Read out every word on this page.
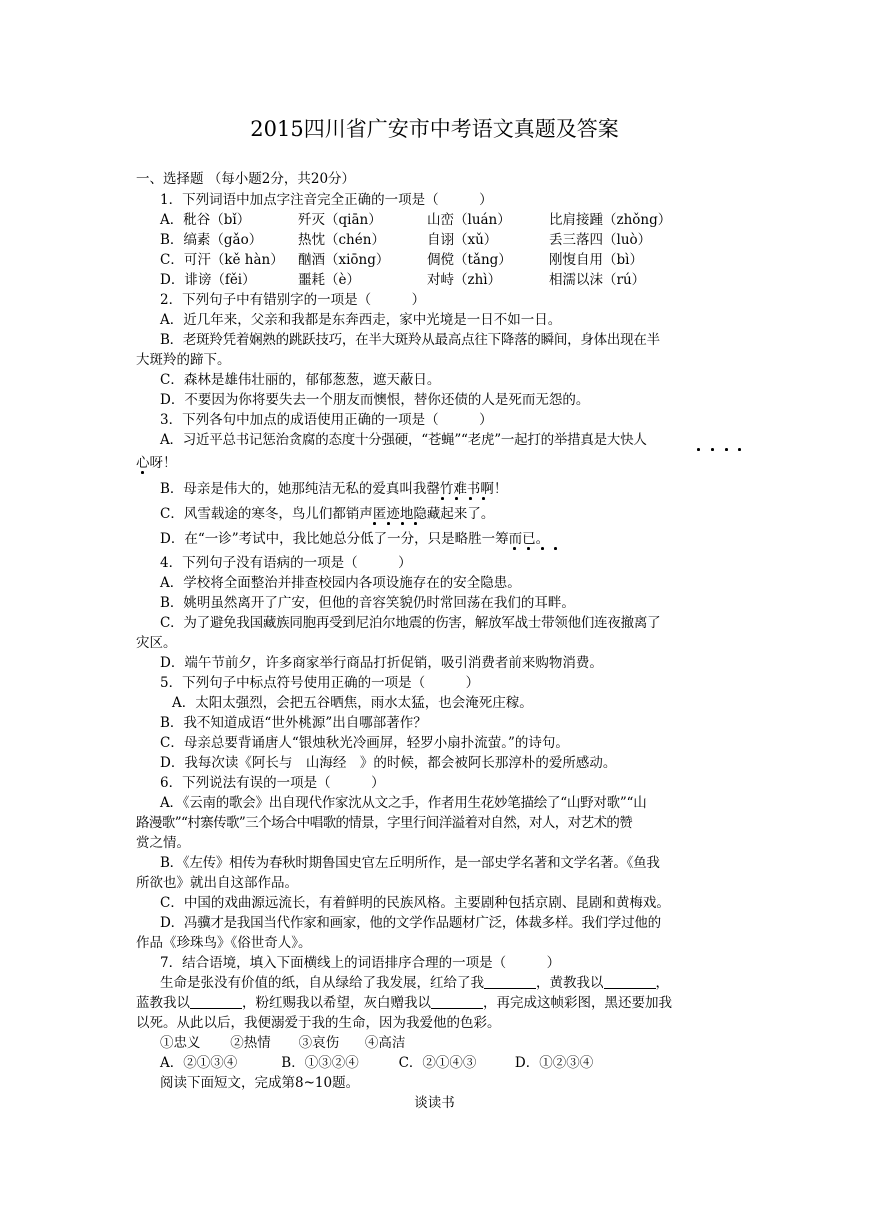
2015四川省广安市中考语文真题及答案
一、选择题 （每小题2分，共20分）
1．下列词语中加点字注音完全正确的一项是（　　　）
A．秕谷（bǐ）	歼灭（qiān）	山峦（luán）	比肩接踵（zhǒng）
B．缟素（gǎo）	热忱（chén）	自诩（xǔ）	丢三落四（luò）
C．可汗（kě hàn）	酗酒（xiōng）	倜傥（tǎng）	刚愎自用（bì）
D．诽谤（fěi）	噩耗（è）	对峙（zhì）	相濡以沫（rú）
2．下列句子中有错别字的一项是（　　　）
A．近几年来，父亲和我都是东奔西走，家中光境是一日不如一日。
B．老斑羚凭着娴熟的跳跃技巧，在半大斑羚从最高点往下降落的瞬间，身体出现在半
大斑羚的蹄下。
C．森林是雄伟壮丽的，郁郁葱葱，遮天蔽日。
D．不要因为你将要失去一个朋友而懊恨，替你还债的人是死而无怨的。
3．下列各句中加点的成语使用正确的一项是（　　　）
A．习近平总书记惩治贪腐的态度十分强硬，“苍蝇”“老虎”一起打的举措真是大快人
心呀！
B．母亲是伟大的，她那纯洁无私的爱真叫我罄竹难书啊！
C．风雪载途的寒冬，鸟儿们都销声匿迹地隐藏起来了。
D．在“一诊”考试中，我比她总分低了一分，只是略胜一筹而已。
4．下列句子没有语病的一项是（　　　）
A．学校将全面整治并排查校园内各项设施存在的安全隐患。
B．姚明虽然离开了广安，但他的音容笑貌仍时常回荡在我们的耳畔。
C．为了避免我国藏族同胞再受到尼泊尔地震的伤害，解放军战士带领他们连夜撤离了
灾区。
D．端午节前夕，许多商家举行商品打折促销，吸引消费者前来购物消费。
5．下列句子中标点符号使用正确的一项是（　　　）
A．太阳太强烈，会把五谷晒焦，雨水太猛，也会淹死庄稼。
B．我不知道成语“世外桃源”出自哪部著作？
C．母亲总要背诵唐人“银烛秋光冷画屏，轻罗小扇扑流萤。”的诗句。
D．我每次读《阿长与　山海经　》的时候，都会被阿长那淳朴的爱所感动。
6．下列说法有误的一项是（　　　）
A．《云南的歌会》出自现代作家沈从文之手，作者用生花妙笔描绘了“山野对歌”“山
路漫歌”“村寨传歌”三个场合中唱歌的情景，字里行间洋溢着对自然，对人，对艺术的赞
赏之情。
B．《左传》相传为春秋时期鲁国史官左丘明所作，是一部史学名著和文学名著。《鱼我
所欲也》就出自这部作品。
C．中国的戏曲源远流长，有着鲜明的民族风格。主要剧种包括京剧、昆剧和黄梅戏。
D．冯骥才是我国当代作家和画家，他的文学作品题材广泛，体裁多样。我们学过他的
作品《珍珠鸟》《俗世奇人》。
7．结合语境，填入下面横线上的词语排序合理的一项是（　　　）
生命是张没有价值的纸，自从绿给了我发展，红给了我	，黄教我以	，
蓝教我以	，粉红赐我以希望，灰白赠我以	，再完成这帧彩图，黑还要加我
以死。从此以后，我便溺爱于我的生命，因为我爱他的色彩。
①忠义 ②热情 ③哀伤 ④高洁
A．②①③④	B．①③②④	C．②①④③	D．①②③④
阅读下面短文，完成第8~10题。
谈读书
